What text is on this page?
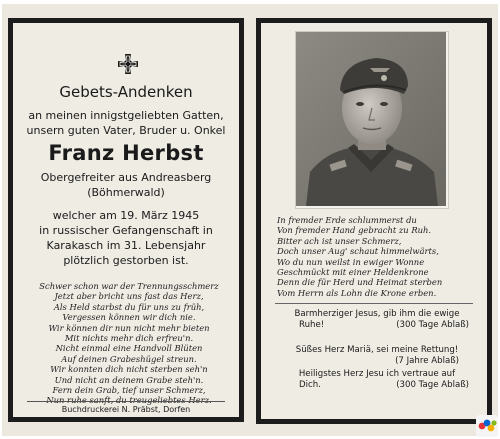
Gebets-Andenken
an meinen innigstgeliebten Gatten,
unsern guten Vater, Bruder u. Onkel
Franz Herbst
Obergefreiter aus Andreasberg
(Böhmerwald)
welcher am 19. März 1945
in russischer Gefangenschaft in
Karakasch im 31. Lebensjahr
plötzlich gestorben ist.
Schwer schon war der Trennungsschmerz
Jetzt aber bricht uns fast das Herz,
Als Held starbst du für uns zu früh,
Vergessen können wir dich nie.
Wir können dir nun nicht mehr bieten
Mit nichts mehr dich erfreu'n.
Nicht einmal eine Handvoll Blüten
Auf deinen Grabeshügel streun.
Wir konnten dich nicht sterben seh'n
Und nicht an deinem Grabe steh'n.
Fern dein Grab, tief unser Schmerz,
Nun ruhe sanft, du treugeliebtes Herz.
Buchdruckerei N. Präbst, Dorfen
In fremder Erde schlummerst du
Von fremder Hand gebracht zu Ruh.
Bitter ach ist unser Schmerz,
Doch unser Aug' schaut himmelwärts,
Wo du nun weilst in ewiger Wonne
Geschmückt mit einer Heldenkrone
Denn die für Herd und Heimat sterben
Vom Herrn als Lohn die Krone erben.
Barmherziger Jesus, gib ihm die ewige
Ruhe!	(300 Tage Ablaß)
Süßes Herz Mariä, sei meine Rettung!
(7 Jahre Ablaß)
Heiligstes Herz Jesu ich vertraue auf
Dich.	(300 Tage Ablaß)
